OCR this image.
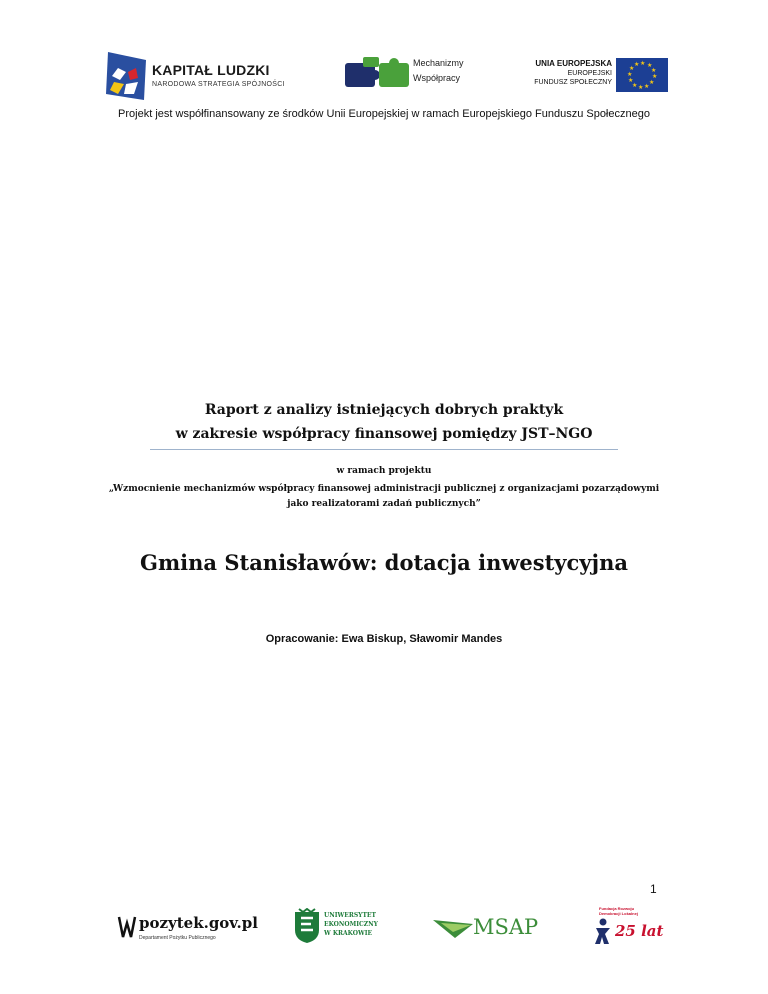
KAPITAŁ LUDZKI
NARODOWA STRATEGIA SPÓJNOŚCI
Mechanizmy
Współpracy
UNIA EUROPEJSKA
EUROPEJSKI
FUNDUSZ SPOŁECZNY
★ ★
★
★
★
★
★
★
★
★
★
★
Projekt jest współfinansowany ze środków Unii Europejskiej w ramach Europejskiego Funduszu Społecznego
Raport z analizy istniejących dobrych praktyk
w zakresie współpracy finansowej pomiędzy JST–NGO
w ramach projektu
„Wzmocnienie mechanizmów współpracy finansowej administracji publicznej z organizacjami pozarządowymi
jako realizatorami zadań publicznych”
Gmina Stanisławów: dotacja inwestycyjna
Opracowanie: Ewa Biskup, Sławomir Mandes
1
pozytek.gov.pl
Departament Pożytku Publicznego
UNIWERSYTET
EKONOMICZNY
W KRAKOWIE	MSAP
Fundacja Rozwoju
Demokracji Lokalnej
25 lat
